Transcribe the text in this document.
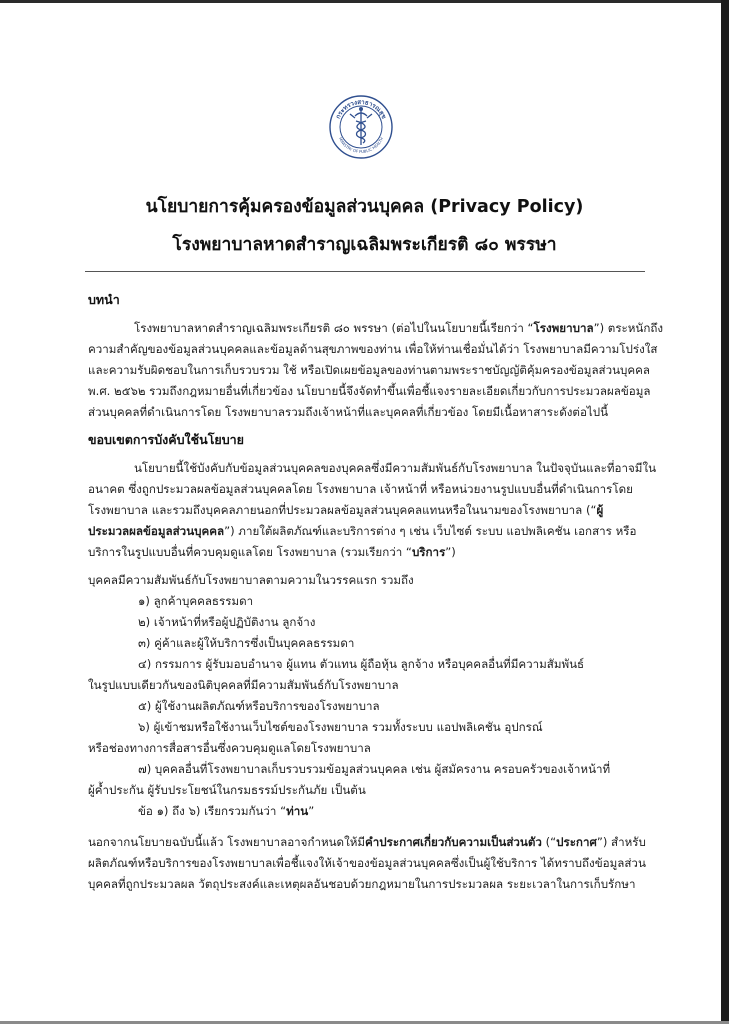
กระทรวงสาธารณสุข
MINISTRY OF PUBLIC HEALTH
นโยบายการคุ้มครองข้อมูลส่วนบุคคล (Privacy Policy)
โรงพยาบาลหาดสำราญเฉลิมพระเกียรติ ๘๐ พรรษา
บทนำ
โรงพยาบาลหาดสำราญเฉลิมพระเกียรติ ๘๐ พรรษา (ต่อไปในนโยบายนี้เรียกว่า “โรงพยาบาล”) ตระหนักถึง
ความสำคัญของข้อมูลส่วนบุคคลและข้อมูลด้านสุขภาพของท่าน เพื่อให้ท่านเชื่อมั่นได้ว่า โรงพยาบาลมีความโปร่งใส
และความรับผิดชอบในการเก็บรวบรวม ใช้ หรือเปิดเผยข้อมูลของท่านตามพระราชบัญญัติคุ้มครองข้อมูลส่วนบุคคล
พ.ศ. ๒๕๖๒ รวมถึงกฎหมายอื่นที่เกี่ยวข้อง นโยบายนี้จึงจัดทำขึ้นเพื่อชี้แจงรายละเอียดเกี่ยวกับการประมวลผลข้อมูล
ส่วนบุคคลที่ดำเนินการโดย โรงพยาบาลรวมถึงเจ้าหน้าที่และบุคคลที่เกี่ยวข้อง โดยมีเนื้อหาสาระดังต่อไปนี้
ขอบเขตการบังคับใช้นโยบาย
นโยบายนี้ใช้บังคับกับข้อมูลส่วนบุคคลของบุคคลซึ่งมีความสัมพันธ์กับโรงพยาบาล ในปัจจุบันและที่อาจมีใน
อนาคต ซึ่งถูกประมวลผลข้อมูลส่วนบุคคลโดย โรงพยาบาล เจ้าหน้าที่ หรือหน่วยงานรูปแบบอื่นที่ดำเนินการโดย
โรงพยาบาล และรวมถึงบุคคลภายนอกที่ประมวลผลข้อมูลส่วนบุคคลแทนหรือในนามของโรงพยาบาล (“ผู้
ประมวลผลข้อมูลส่วนบุคคล”) ภายใต้ผลิตภัณฑ์และบริการต่าง ๆ เช่น เว็บไซต์ ระบบ แอปพลิเคชัน เอกสาร หรือ
บริการในรูปแบบอื่นที่ควบคุมดูแลโดย โรงพยาบาล (รวมเรียกว่า “บริการ”)
บุคคลมีความสัมพันธ์กับโรงพยาบาลตามความในวรรคแรก รวมถึง
๑) ลูกค้าบุคคลธรรมดา
๒) เจ้าหน้าที่หรือผู้ปฏิบัติงาน ลูกจ้าง
๓) คู่ค้าและผู้ให้บริการซึ่งเป็นบุคคลธรรมดา
๔) กรรมการ ผู้รับมอบอำนาจ ผู้แทน ตัวแทน ผู้ถือหุ้น ลูกจ้าง หรือบุคคลอื่นที่มีความสัมพันธ์
ในรูปแบบเดียวกันของนิติบุคคลที่มีความสัมพันธ์กับโรงพยาบาล
๕) ผู้ใช้งานผลิตภัณฑ์หรือบริการของโรงพยาบาล
๖) ผู้เข้าชมหรือใช้งานเว็บไซต์ของโรงพยาบาล รวมทั้งระบบ แอปพลิเคชัน อุปกรณ์
หรือช่องทางการสื่อสารอื่นซึ่งควบคุมดูแลโดยโรงพยาบาล
๗) บุคคลอื่นที่โรงพยาบาลเก็บรวบรวมข้อมูลส่วนบุคคล เช่น ผู้สมัครงาน ครอบครัวของเจ้าหน้าที่
ผู้ค้ำประกัน ผู้รับประโยชน์ในกรมธรรม์ประกันภัย เป็นต้น
ข้อ ๑) ถึง ๖) เรียกรวมกันว่า “ท่าน”
นอกจากนโยบายฉบับนี้แล้ว โรงพยาบาลอาจกำหนดให้มีคำประกาศเกี่ยวกับความเป็นส่วนตัว (“ประกาศ”) สำหรับ
ผลิตภัณฑ์หรือบริการของโรงพยาบาลเพื่อชี้แจงให้เจ้าของข้อมูลส่วนบุคคลซึ่งเป็นผู้ใช้บริการ ได้ทราบถึงข้อมูลส่วน
บุคคลที่ถูกประมวลผล วัตถุประสงค์และเหตุผลอันชอบด้วยกฎหมายในการประมวลผล ระยะเวลาในการเก็บรักษา
